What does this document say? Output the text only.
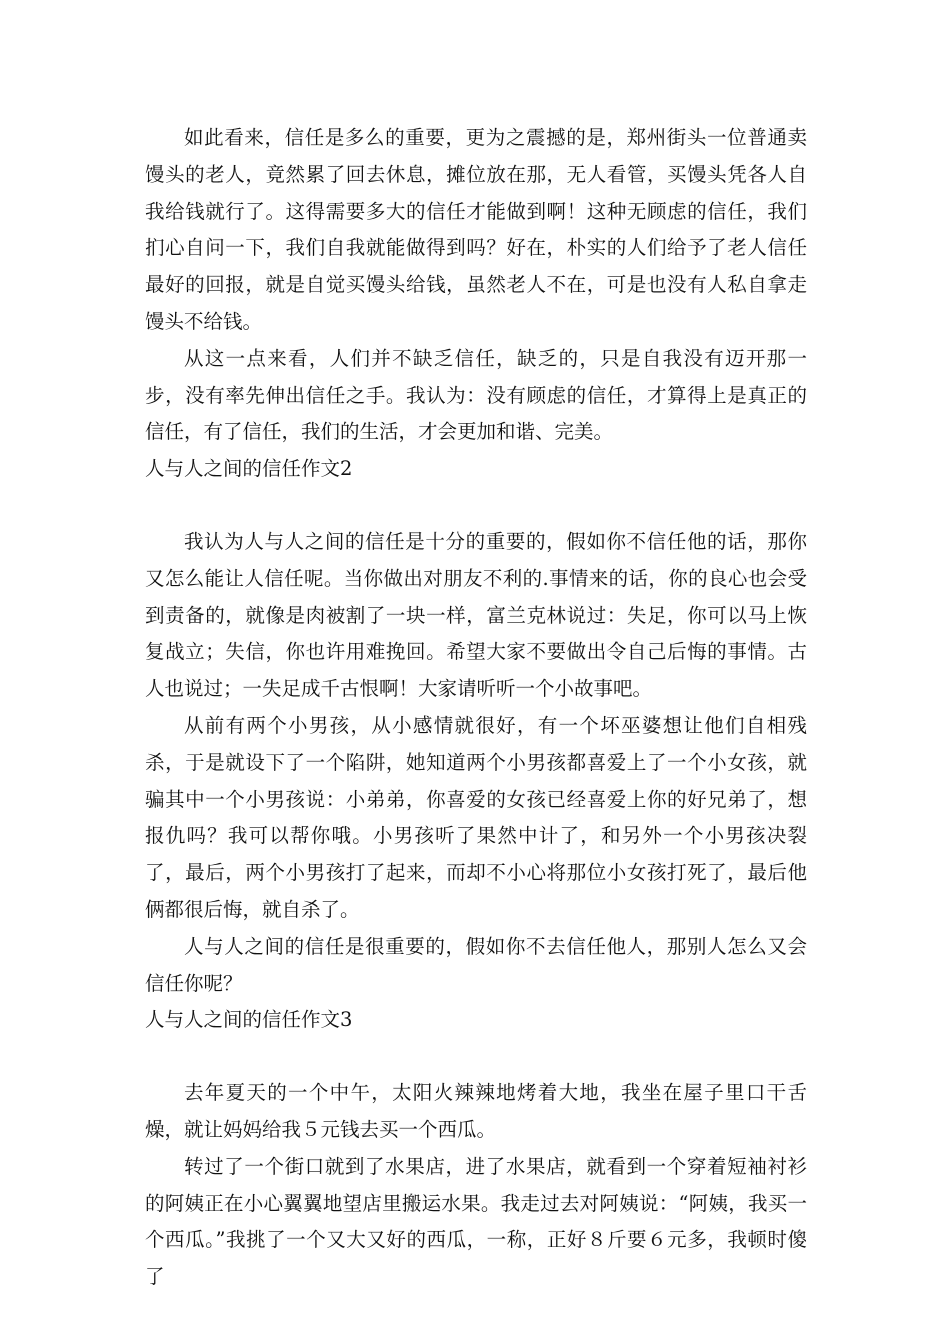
如此看来，信任是多么的重要，更为之震撼的是，郑州街头一位普通卖馒头的老人，竟然累了回去休息，摊位放在那，无人看管，买馒头凭各人自我给钱就行了。这得需要多大的信任才能做到啊！这种无顾虑的信任，我们扪心自问一下，我们自我就能做得到吗？好在，朴实的人们给予了老人信任最好的回报，就是自觉买馒头给钱，虽然老人不在，可是也没有人私自拿走馒头不给钱。

从这一点来看，人们并不缺乏信任，缺乏的，只是自我没有迈开那一步，没有率先伸出信任之手。我认为：没有顾虑的信任，才算得上是真正的信任，有了信任，我们的生活，才会更加和谐、完美。

人与人之间的信任作文2

我认为人与人之间的信任是十分的重要的，假如你不信任他的话，那你又怎么能让人信任呢。当你做出对朋友不利的.事情来的话，你的良心也会受到责备的，就像是肉被割了一块一样，富兰克林说过：失足，你可以马上恢复战立；失信，你也许用难挽回。希望大家不要做出令自己后悔的事情。古人也说过；一失足成千古恨啊！大家请听听一个小故事吧。

从前有两个小男孩，从小感情就很好，有一个坏巫婆想让他们自相残杀，于是就设下了一个陷阱，她知道两个小男孩都喜爱上了一个小女孩，就骗其中一个小男孩说：小弟弟，你喜爱的女孩已经喜爱上你的好兄弟了，想报仇吗？我可以帮你哦。小男孩听了果然中计了，和另外一个小男孩决裂了，最后，两个小男孩打了起来，而却不小心将那位小女孩打死了，最后他俩都很后悔，就自杀了。

人与人之间的信任是很重要的，假如你不去信任他人，那别人怎么又会信任你呢？

人与人之间的信任作文3

去年夏天的一个中午，太阳火辣辣地烤着大地，我坐在屋子里口干舌燥，就让妈妈给我５元钱去买一个西瓜。

转过了一个街口就到了水果店，进了水果店，就看到一个穿着短袖衬衫的阿姨正在小心翼翼地望店里搬运水果。我走过去对阿姨说：“阿姨，我买一个西瓜。”我挑了一个又大又好的西瓜，一称，正好８斤要６元多，我顿时傻了
